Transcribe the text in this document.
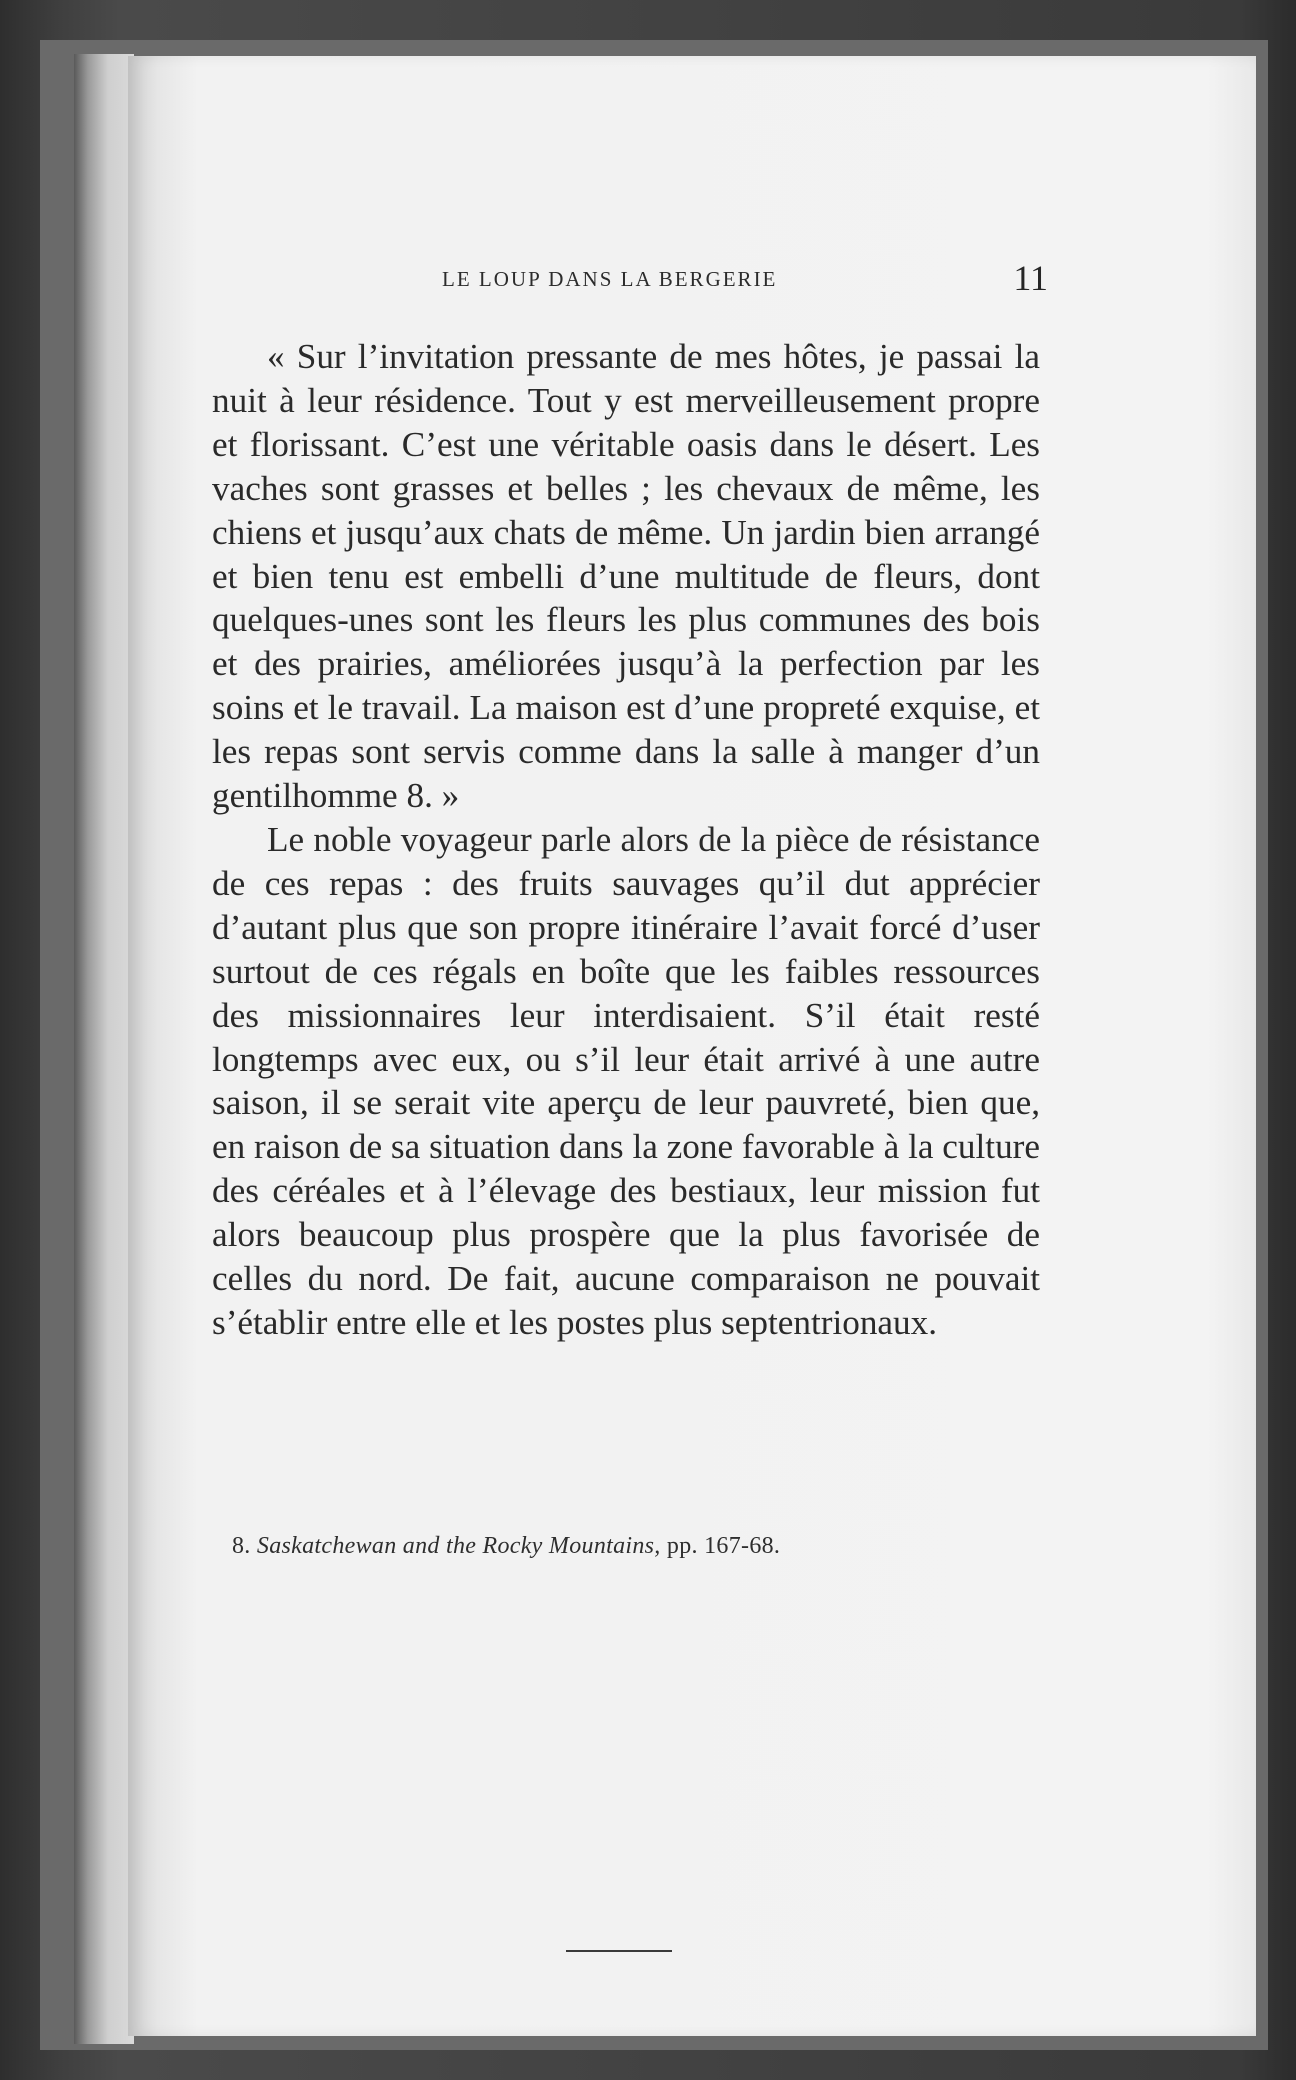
LE LOUP DANS LA BERGERIE	11

« Sur l’invitation pressante de mes hôtes, je passai la nuit à leur résidence. Tout y est merveilleusement propre et florissant. C’est une véritable oasis dans le désert. Les vaches sont grasses et belles ; les chevaux de même, les chiens et jusqu’aux chats de même. Un jardin bien arrangé et bien tenu est embelli d’une multitude de fleurs, dont quelques-unes sont les fleurs les plus communes des bois et des prairies, améliorées jusqu’à la perfection par les soins et le travail. La maison est d’une propreté exquise, et les repas sont servis comme dans la salle à manger d’un gentilhomme 8. »

Le noble voyageur parle alors de la pièce de résistance de ces repas : des fruits sauvages qu’il dut apprécier d’autant plus que son propre itinéraire l’avait forcé d’user surtout de ces régals en boîte que les faibles ressources des missionnaires leur interdisaient. S’il était resté longtemps avec eux, ou s’il leur était arrivé à une autre saison, il se serait vite aperçu de leur pauvreté, bien que, en raison de sa situation dans la zone favorable à la culture des céréales et à l’élevage des bestiaux, leur mission fut alors beaucoup plus prospère que la plus favorisée de celles du nord. De fait, aucune comparaison ne pouvait s’établir entre elle et les postes plus septentrionaux.

8. Saskatchewan and the Rocky Mountains, pp. 167-68.
